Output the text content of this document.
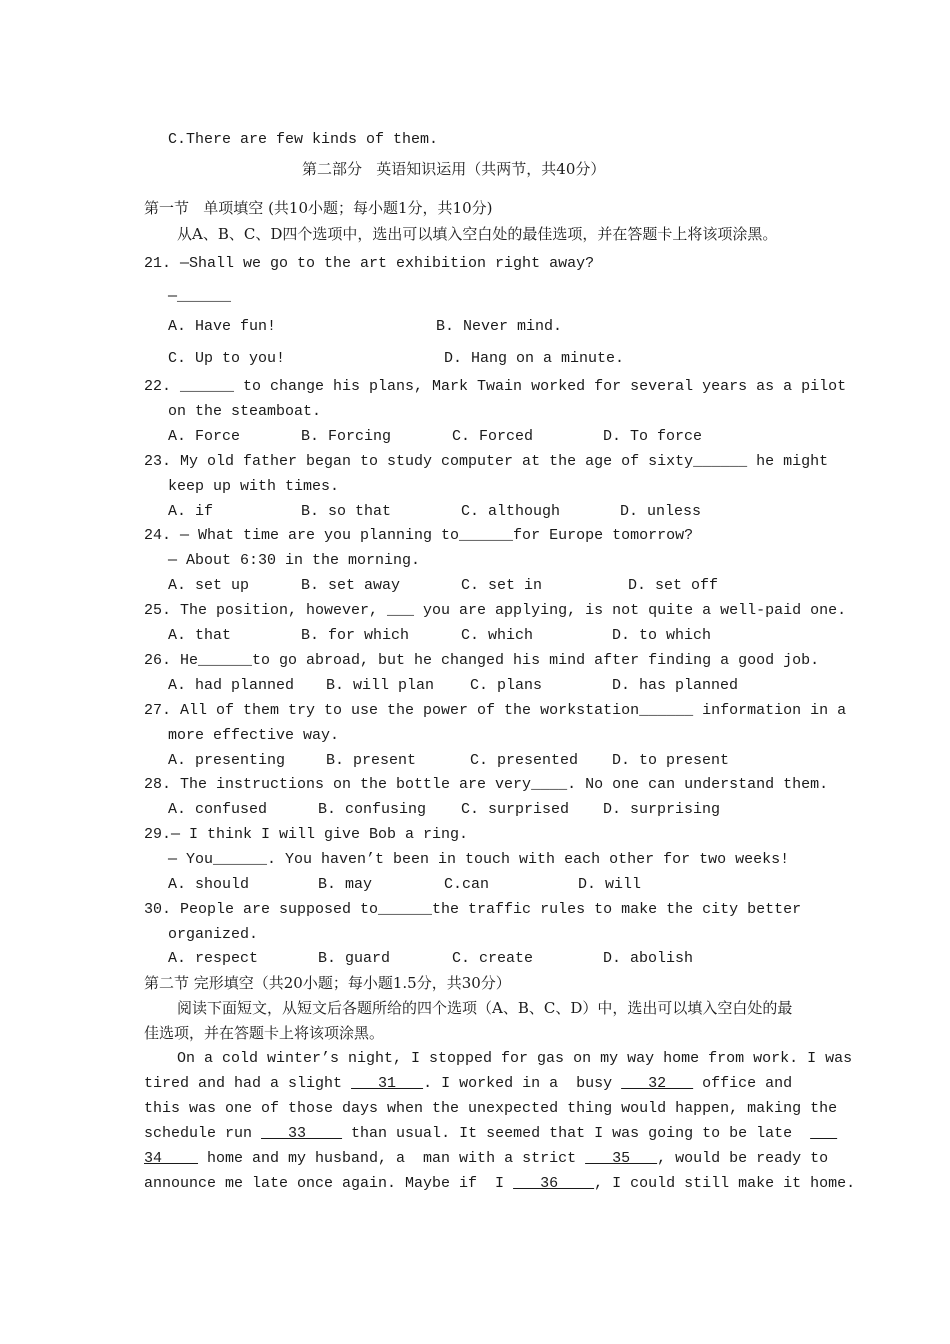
C.There are few kinds of them.
第二部分   英语知识运用（共两节，共40分）
第一节   单项填空 (共10小题；每小题1分，共10分)
从A、B、C、D四个选项中，选出可以填入空白处的最佳选项，并在答题卡上将该项涂黑。
21. —Shall we go to the art exhibition right away?
—______
A. Have fun!	B. Never mind.
C. Up to you!	D. Hang on a minute.
22. ______ to change his plans, Mark Twain worked for several years as a pilot
on the steamboat.
A. Force	B. Forcing	C. Forced	D. To force
23. My old father began to study computer at the age of sixty______ he might
keep up with times.
A. if	B. so that	C. although	D. unless
24. — What time are you planning to______for Europe tomorrow?
— About 6:30 in the morning.
A. set up	B. set away	C. set in	D. set off
25. The position, however, ___ you are applying, is not quite a well-paid one.
A. that	B. for which	C. which	D. to which
26. He______to go abroad, but he changed his mind after finding a good job.
A. had planned B. will plan C. plans	D. has planned
27. All of them try to use the power of the workstation______ information in a
more effective way.
A. presenting	B. present	C. presented D. to present
28. The instructions on the bottle are very____. No one can understand them.
A. confused	B. confusing C. surprised D. surprising
29.— I think I will give Bob a ring.
— You______. You haven’t been in touch with each other for two weeks!
A. should	B. may	C.can	D. will
30. People are supposed to______the traffic rules to make the city better
organized.
A. respect	B. guard	C. create	D. abolish
第二节 完形填空（共20小题；每小题1.5分，共30分）
阅读下面短文，从短文后各题所给的四个选项（A、B、C、D）中，选出可以填入空白处的最
佳选项，并在答题卡上将该项涂黑。
On a cold winter’s night, I stopped for gas on my way home from work. I was
tired and had a slight    31   . I worked in a  busy    32    office and
this was one of those days when the unexpected thing would happen, making the
schedule run    33     than usual. It seemed that I was going to be late
34     home and my husband, a  man with a strict    35   , would be ready to
announce me late once again. Maybe if  I    36    , I could still make it home.
